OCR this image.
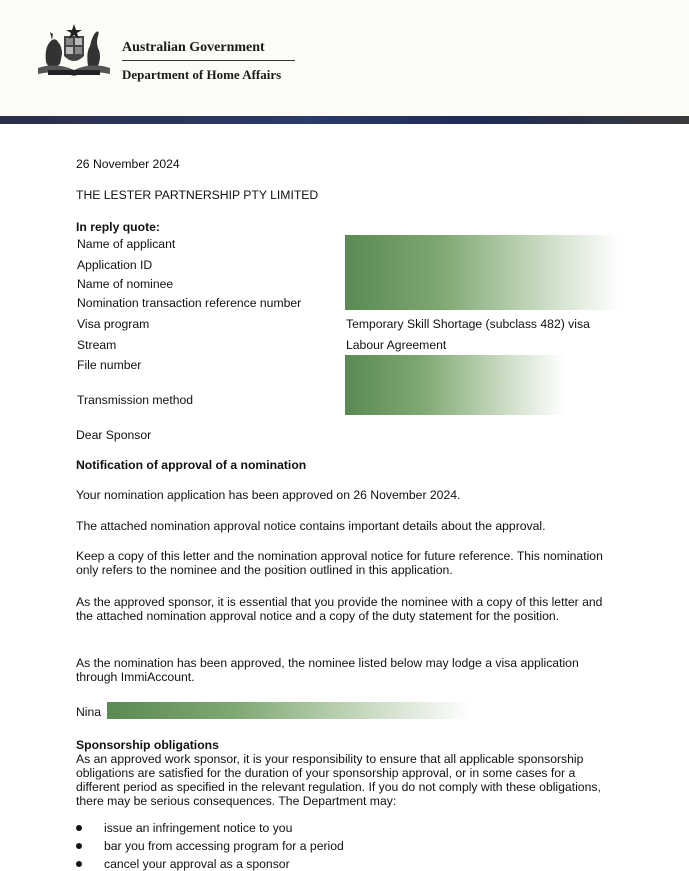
Australian Government
Department of Home Affairs
26 November 2024
THE LESTER PARTNERSHIP PTY LIMITED
In reply quote:
Name of applicant
Application ID
Name of nominee
Nomination transaction reference number
Visa program	Temporary Skill Shortage (subclass 482) visa
Stream	Labour Agreement
File number
Transmission method
Dear Sponsor
Notification of approval of a nomination
Your nomination application has been approved on 26 November 2024.
The attached nomination approval notice contains important details about the approval.
Keep a copy of this letter and the nomination approval notice for future reference. This nomination only refers to the nominee and the position outlined in this application.
As the approved sponsor, it is essential that you provide the nominee with a copy of this letter and the attached nomination approval notice and a copy of the duty statement for the position.
As the nomination has been approved, the nominee listed below may lodge a visa application through ImmiAccount.
Nina
Sponsorship obligations
As an approved work sponsor, it is your responsibility to ensure that all applicable sponsorship obligations are satisfied for the duration of your sponsorship approval, or in some cases for a different period as specified in the relevant regulation. If you do not comply with these obligations, there may be serious consequences. The Department may:
issue an infringement notice to you
bar you from accessing program for a period
cancel your approval as a sponsor
